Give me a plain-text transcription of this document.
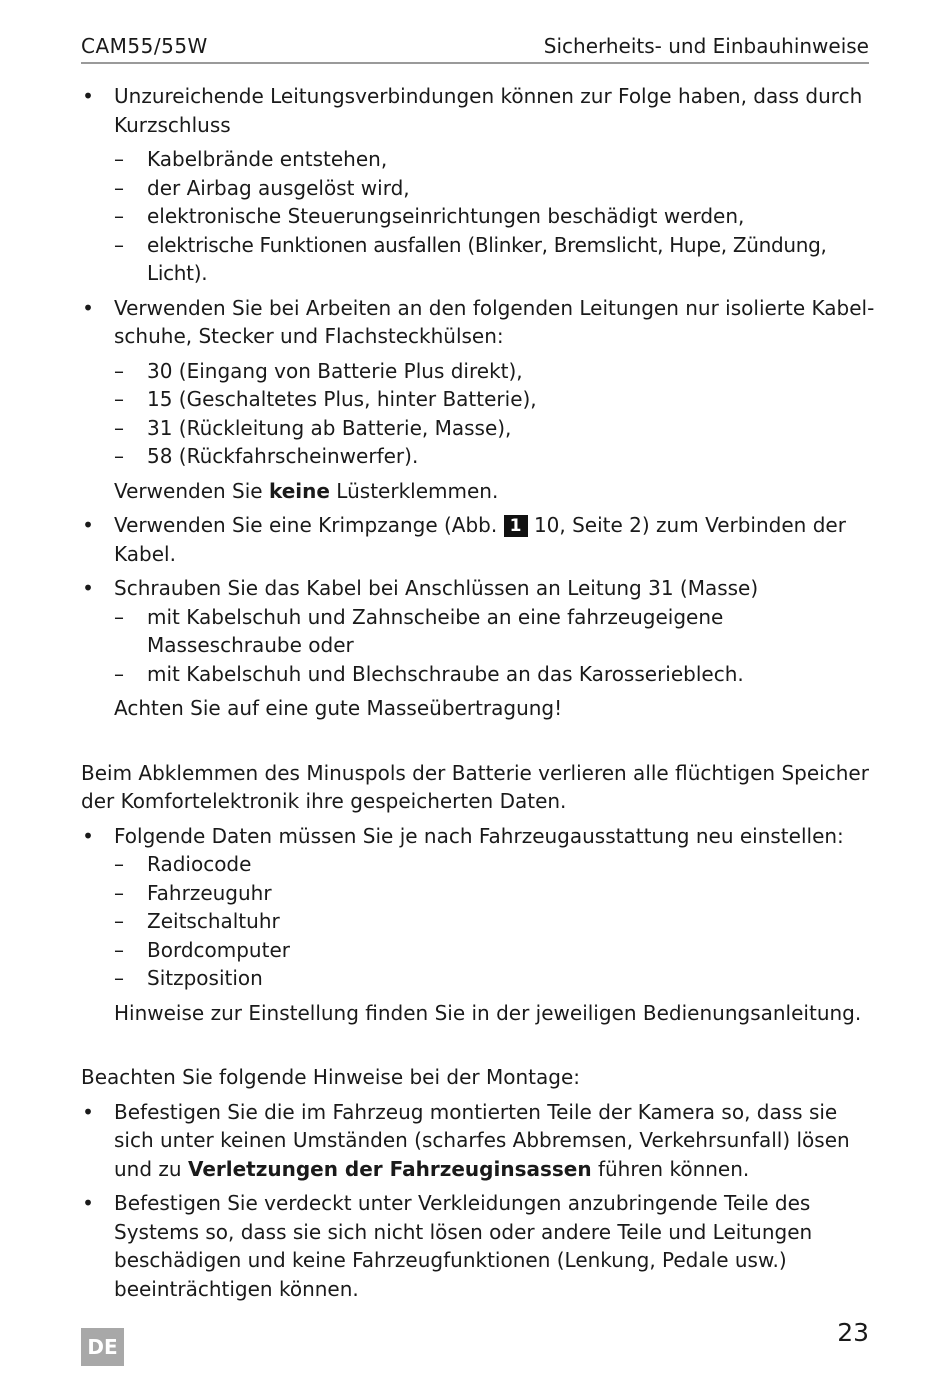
CAM55/55W	Sicherheits- und Einbauhinweise
• Unzureichende Leitungsverbindungen können zur Folge haben, dass durch Kurzschluss
– Kabelbrände entstehen,
– der Airbag ausgelöst wird,
– elektronische Steuerungseinrichtungen beschädigt werden,
– elektrische Funktionen ausfallen (Blinker, Bremslicht, Hupe, Zündung, Licht).
• Verwenden Sie bei Arbeiten an den folgenden Leitungen nur isolierte Kabelschuhe, Stecker und Flachsteckhülsen:
– 30 (Eingang von Batterie Plus direkt),
– 15 (Geschaltetes Plus, hinter Batterie),
– 31 (Rückleitung ab Batterie, Masse),
– 58 (Rückfahrscheinwerfer).
Verwenden Sie keine Lüsterklemmen.
• Verwenden Sie eine Krimpzange (Abb. 1 10, Seite 2) zum Verbinden der Kabel.
• Schrauben Sie das Kabel bei Anschlüssen an Leitung 31 (Masse)
– mit Kabelschuh und Zahnscheibe an eine fahrzeugeigene Masseschraube oder
– mit Kabelschuh und Blechschraube an das Karosserieblech.
Achten Sie auf eine gute Masseübertragung!
Beim Abklemmen des Minuspols der Batterie verlieren alle flüchtigen Speicher der Komfortelektronik ihre gespeicherten Daten.
• Folgende Daten müssen Sie je nach Fahrzeugausstattung neu einstellen:
– Radiocode
– Fahrzeuguhr
– Zeitschaltuhr
– Bordcomputer
– Sitzposition
Hinweise zur Einstellung finden Sie in der jeweiligen Bedienungsanleitung.
Beachten Sie folgende Hinweise bei der Montage:
• Befestigen Sie die im Fahrzeug montierten Teile der Kamera so, dass sie sich unter keinen Umständen (scharfes Abbremsen, Verkehrsunfall) lösen und zu Verletzungen der Fahrzeuginsassen führen können.
• Befestigen Sie verdeckt unter Verkleidungen anzubringende Teile des Systems so, dass sie sich nicht lösen oder andere Teile und Leitungen beschädigen und keine Fahrzeugfunktionen (Lenkung, Pedale usw.) beeinträchtigen können.
DE	23
